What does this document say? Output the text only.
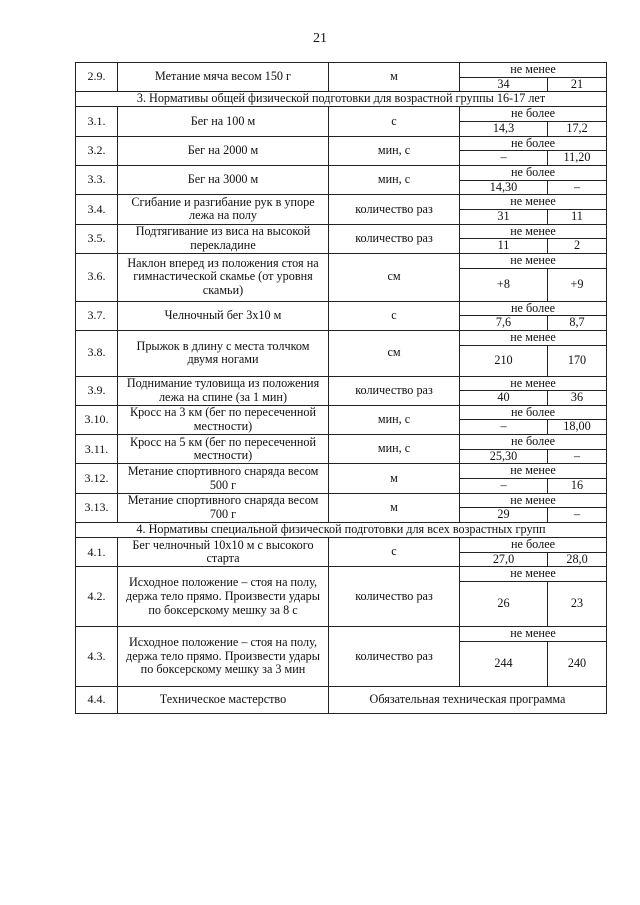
21
2.9.	Метание мяча весом 150 г	м	не менее	
			34	21
3. Нормативы общей физической подготовки для возрастной группы 16-17 лет				
3.1.	Бег на 100 м	с	не более	
			14,3	17,2
3.2.	Бег на 2000 м	мин, с	не более	
			–	11,20
3.3.	Бег на 3000 м	мин, с	не более	
			14,30	–
3.4.	Сгибание и разгибание рук в упоре лежа на полу	количество раз	не менее	
			31	11
3.5.	Подтягивание из виса на высокой перекладине	количество раз	не менее	
			11	2
3.6.	Наклон вперед из положения стоя на гимнастической скамье (от уровня скамьи)	см	не менее	
			+8	+9
3.7.	Челночный бег 3х10 м	с	не более	
			7,6	8,7
3.8.	Прыжок в длину с места толчком двумя ногами	см	не менее	
			210	170
3.9.	Поднимание туловища из положения лежа на спине (за 1 мин)	количество раз	не менее	
			40	36
3.10.	Кросс на 3 км (бег по пересеченной местности)	мин, с	не более	
			–	18,00
3.11.	Кросс на 5 км (бег по пересеченной местности)	мин, с	не более	
			25,30	–
3.12.	Метание спортивного снаряда весом 500 г	м	не менее	
			–	16
3.13.	Метание спортивного снаряда весом 700 г	м	не менее	
			29	–
4. Нормативы специальной физической подготовки для всех возрастных групп				
4.1.	Бег челночный 10х10 м с высокого старта	с	не более	
			27,0	28,0
4.2.	Исходное положение – стоя на полу, держа тело прямо. Произвести удары по боксерскому мешку за 8 с	количество раз	не менее	
			26	23
4.3.	Исходное положение – стоя на полу, держа тело прямо. Произвести удары по боксерскому мешку за 3 мин	количество раз	не менее	
			244	240
4.4.	Техническое мастерство	Обязательная техническая программа		
